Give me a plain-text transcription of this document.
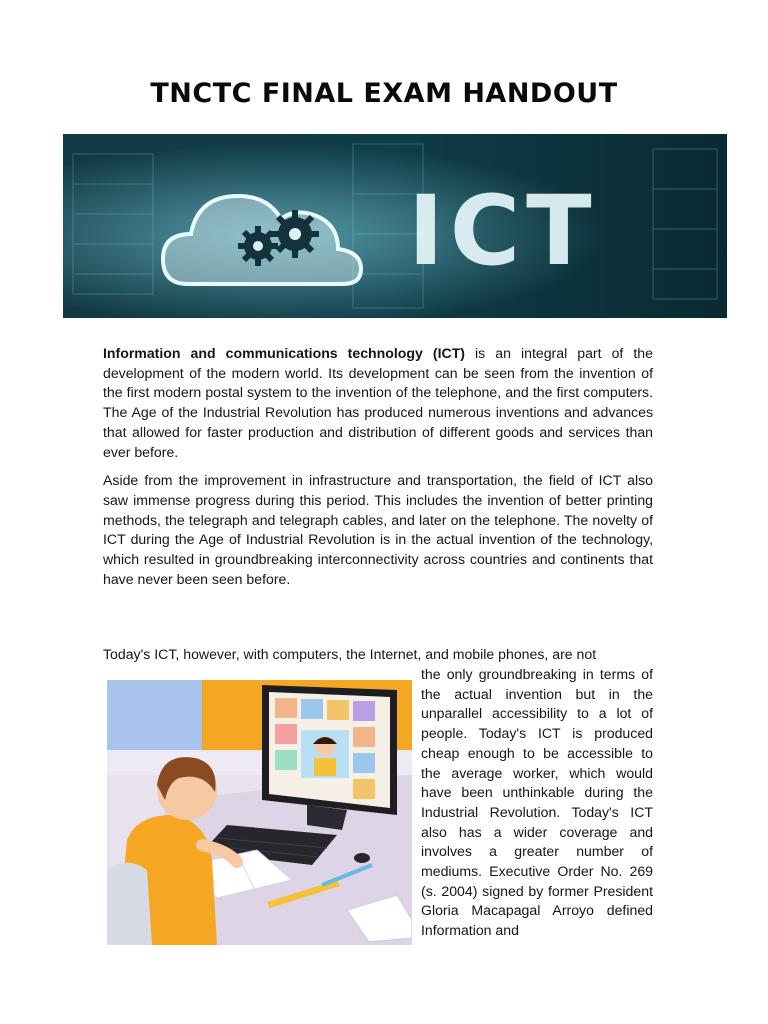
TNCTC FINAL EXAM HANDOUT
ICT

Information and communications technology (ICT) is an integral part of the development of the modern world. Its development can be seen from the invention of the first modern postal system to the invention of the telephone, and the first computers. The Age of the Industrial Revolution has produced numerous inventions and advances that allowed for faster production and distribution of different goods and services than ever before.

Aside from the improvement in infrastructure and transportation, the field of ICT also saw immense progress during this period. This includes the invention of better printing methods, the telegraph and telegraph cables, and later on the telephone. The novelty of ICT during the Age of Industrial Revolution is in the actual invention of the technology, which resulted in groundbreaking interconnectivity across countries and continents that have never been seen before.

Today's ICT, however, with computers, the Internet, and mobile phones, are not
the only groundbreaking in terms of the actual invention but in the unparallel accessibility to a lot of people. Today's ICT is produced cheap enough to be accessible to the average worker, which would have been unthinkable during the Industrial Revolution. Today's ICT also has a wider coverage and involves a greater number of mediums. Executive Order No. 269 (s. 2004) signed by former President Gloria Macapagal Arroyo defined Information and
